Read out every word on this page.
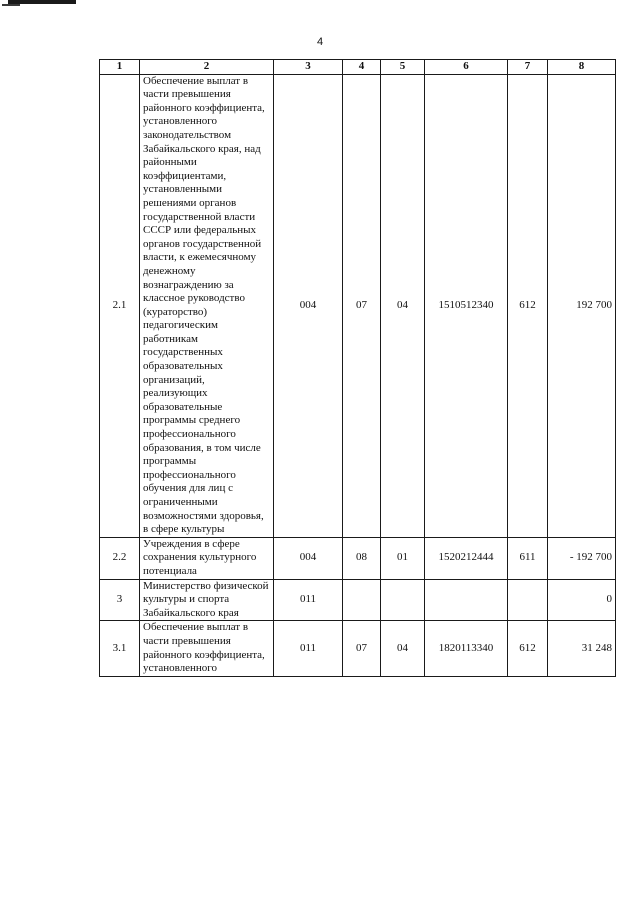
4
1	2	3	4	5	6	7	8
2.1	Обеспечение выплат в части превышения районного коэффициента, установленного законодательством Забайкальского края, над районными коэффициентами, установленными решениями органов государственной власти СССР или федеральных органов государственной власти, к ежемесячному денежному вознаграждению за классное руководство (кураторство) педагогическим работникам государственных образовательных организаций, реализующих образовательные программы среднего профессионального образования, в том числе программы профессионального обучения для лиц с ограниченными возможностями здоровья, в сфере культуры	004	07	04	1510512340	612	192 700
2.2	Учреждения в сфере сохранения культурного потенциала	004	08	01	1520212444	611	- 192 700
3	Министерство физической культуры и спорта Забайкальского края	011					0
3.1	Обеспечение выплат в части превышения районного коэффициента, установленного	011	07	04	1820113340	612	31 248
